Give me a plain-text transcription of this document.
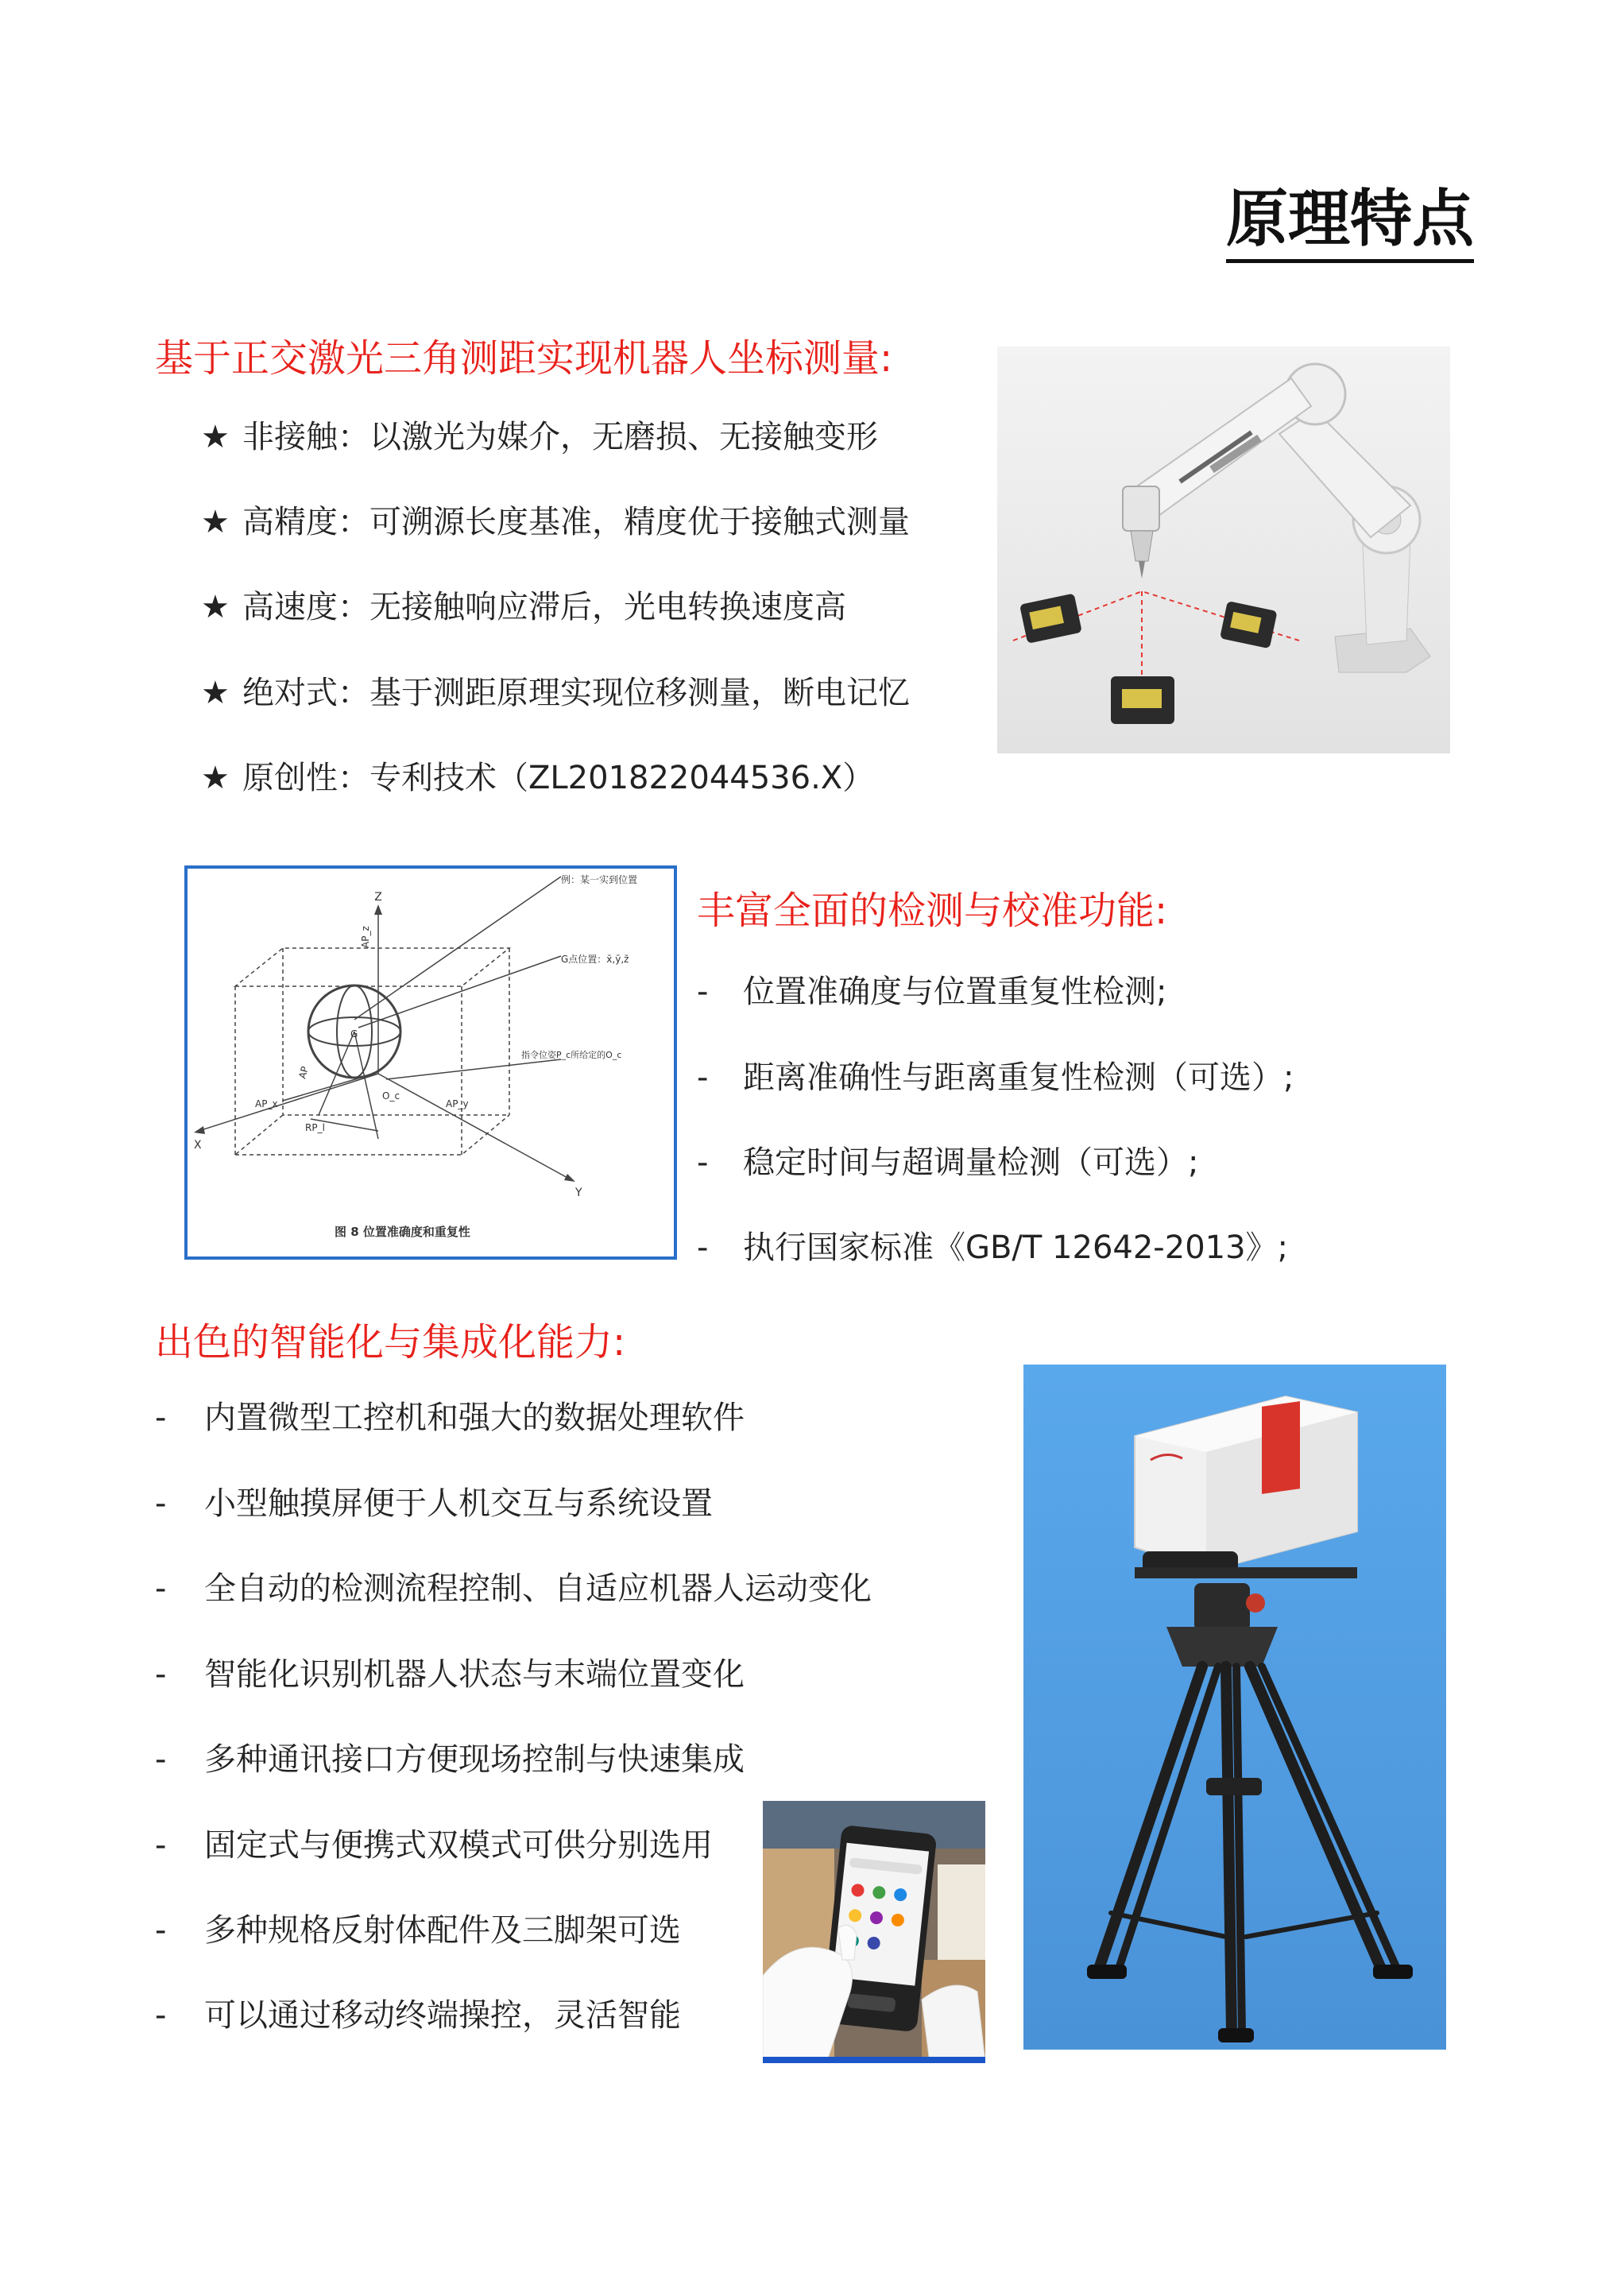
原理特点
基于正交激光三角测距实现机器人坐标测量:
★ 非接触：以激光为媒介，无磨损、无接触变形
★ 高精度：可溯源长度基准，精度优于接触式测量
★ 高速度：无接触响应滞后，光电转换速度高
★ 绝对式：基于测距原理实现位移测量，断电记忆
★ 原创性：专利技术（ZL201822044536.X）
Z
X
Y
G
O_c
AP_z
AP_x	AP_y
RP_l
AP
例：某一实到位置
G点位置：x̄,ȳ,z̄
指令位姿P_c所给定的O_c
图 8 位置准确度和重复性
丰富全面的检测与校准功能:
- 位置准确度与位置重复性检测;
- 距离准确性与距离重复性检测（可选）;
- 稳定时间与超调量检测（可选）;
- 执行国家标准《GB/T 12642-2013》;
出色的智能化与集成化能力:
- 内置微型工控机和强大的数据处理软件
- 小型触摸屏便于人机交互与系统设置
- 全自动的检测流程控制、自适应机器人运动变化
- 智能化识别机器人状态与末端位置变化
- 多种通讯接口方便现场控制与快速集成
- 固定式与便携式双模式可供分别选用
- 多种规格反射体配件及三脚架可选
- 可以通过移动终端操控，灵活智能
